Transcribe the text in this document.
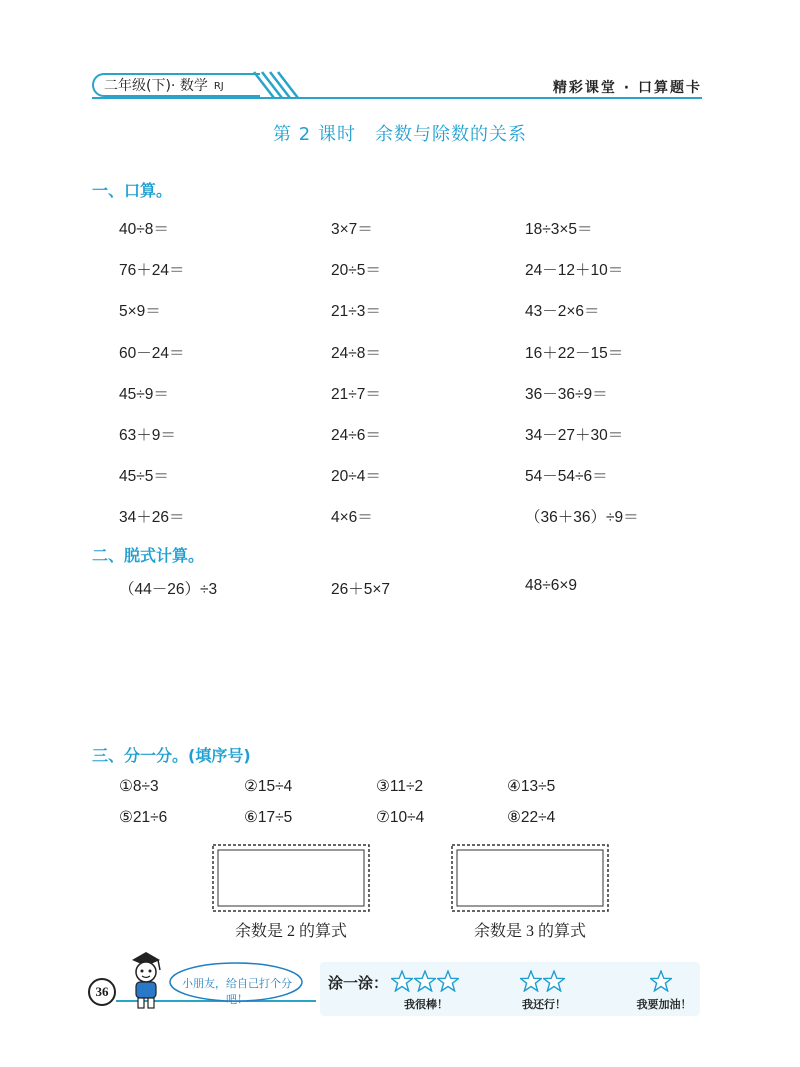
二年级(下)· 数学 RJ	精彩课堂 · 口算题卡
第 2 课时　余数与除数的关系
一、口算。
40÷8＝	3×7＝	18÷3×5＝
76＋24＝	20÷5＝	24－12＋10＝
5×9＝	21÷3＝	43－2×6＝
60－24＝	24÷8＝	16＋22－15＝
45÷9＝	21÷7＝	36－36÷9＝
63＋9＝	24÷6＝	34－27＋30＝
45÷5＝	20÷4＝	54－54÷6＝
34＋26＝	4×6＝	（36＋36）÷9＝
二、脱式计算。
（44－26）÷3	26＋5×7	48÷6×9
三、分一分。(填序号)
①8÷3	②15÷4	③11÷2	④13÷5
⑤21÷6	⑥17÷5	⑦10÷4	⑧22÷4
余数是 2 的算式	余数是 3 的算式
36
小朋友，给自己打个分吧！
涂一涂：
我很棒！	我还行！	我要加油！
